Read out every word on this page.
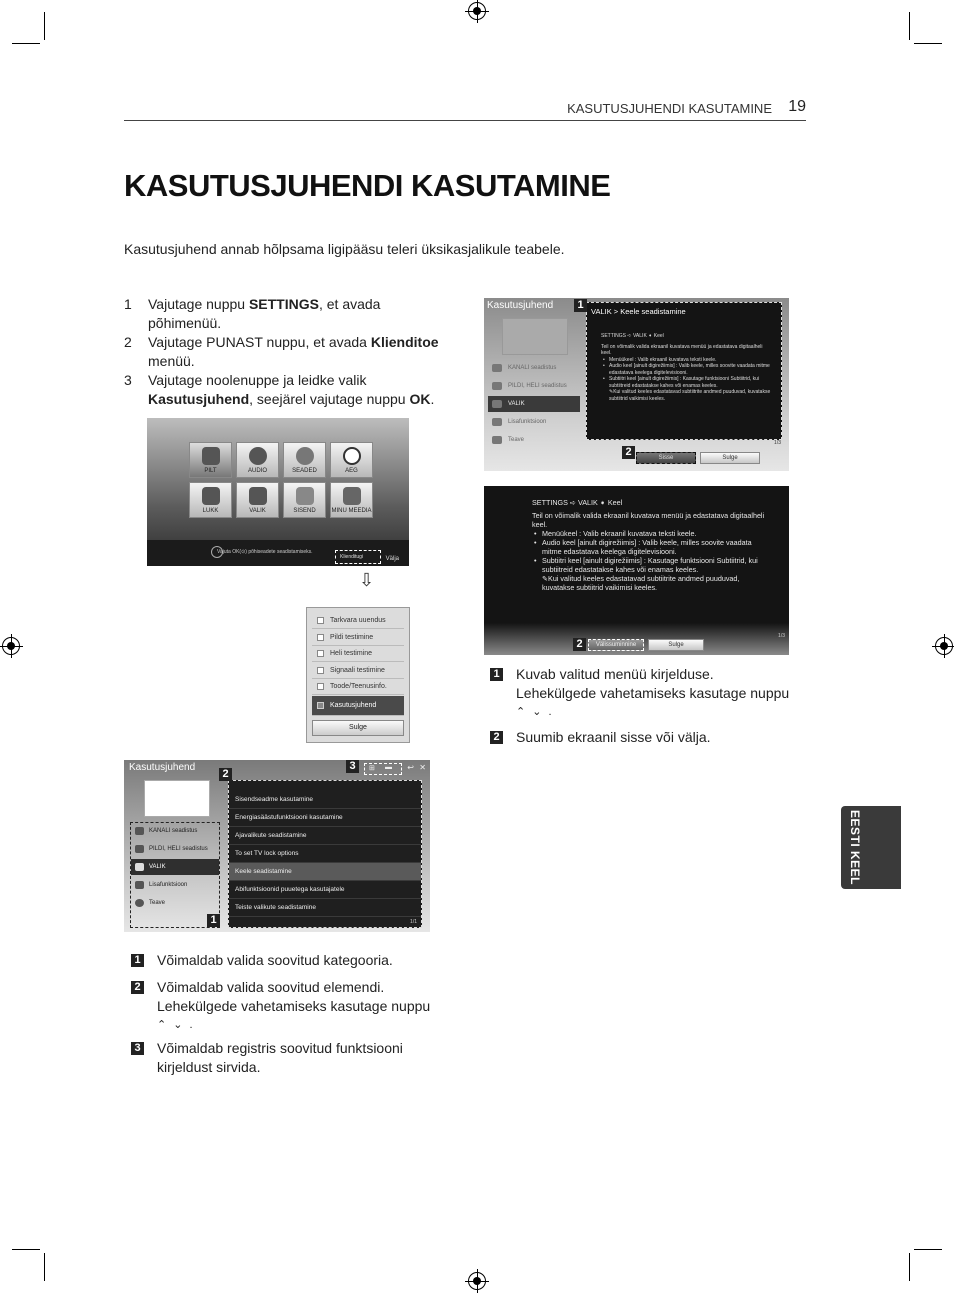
KASUTUSJUHENDI KASUTAMINE 19
KASUTUSJUHENDI KASUTAMINE

Kasutusjuhend annab hõlpsama ligipääsu teleri üksikasjalikule teabele.

1 Vajutage nuppu SETTINGS, et avada põhimenüü.
2 Vajutage PUNAST nuppu, et avada Klienditoe menüü.
3 Vajutage noolenuppe ja leidke valik Kasutusjuhend, seejärel vajutage nuppu OK.
PILT	AUDIO	SEADED	AEG
LUKK	VALIK	SISEND	MINU MEEDIA
Vajuta OK(⊙) põhiseadete seadistamiseks.
Klienditugi	Välja
⇩
Tarkvara uuendus
Pildi testimine
Heli testimine
Signaali testimine
Toode/Teenusinfo.
Kasutusjuhend
Sulge
Kasutusjuhend
KANALI seadistus
PILDI, HELI seadistus
VALIK
Lisafunktsioon
Teave
Sisendseadme kasutamine
Energiasäästufunktsiooni kasutamine
Ajavalikute seadistamine
To set TV lock options
Keele seadistamine
Abifunktsioonid puuetega kasutajatele
Teiste valikute seadistamine
1/1
⊞ ▬ ↩ ✕
2
3
1
1 Võimaldab valida soovitud kategooria.
2 Võimaldab valida soovitud elemendi.
Lehekülgede vahetamiseks kasutage nuppu
⌃ ⌄ .
3 Võimaldab registris soovitud funktsiooni
kirjeldust sirvida.
Kasutusjuhend
KANALI seadistus
PILDI, HELI seadistus
VALIK
Lisafunktsioon
Teave
VALIK > Keele seadistamine
SETTINGS ➪ VALIK ➧ Keel
Teil on võimalik valida ekraanil kuvatava menüü ja edastatava digitaalheli keel.
• Menüükeel : Valib ekraanil kuvatava teksti keele.
• Audio keel [ainult digirežiimis] : Valib keele, milles soovite vaadata mitme edastatava keelega digitelevisiooni.
• Subtiitri keel [ainult digirežiimis] : Kasutage funktsiooni Subtiitrid, kui subtiitreid edastatakse kahes või enamas keeles.
✎Kui valitud keeles edastatavad subtiitrite andmed puuduvad, kuvatakse subtiitrid vaikimisi keeles.
1/3
Sisse	Sulge
1
2
SETTINGS ➪ VALIK ➧ Keel
Teil on võimalik valida ekraanil kuvatava menüü ja edastatava digitaalheli keel.
• Menüükeel : Valib ekraanil kuvatava teksti keele.
• Audio keel [ainult digirežiimis] : Valib keele, milles soovite vaadata mitme edastatava keelega digitelevisiooni.
• Subtiitri keel [ainult digirežiimis] : Kasutage funktsiooni Subtiitrid, kui subtiitreid edastatakse kahes või enamas keeles.
✎Kui valitud keeles edastatavad subtiitrite andmed puuduvad, kuvatakse subtiitrid vaikimisi keeles.
1/3
Välissuminnine	Sulge
2
1 Kuvab valitud menüü kirjelduse.
Lehekülgede vahetamiseks kasutage nuppu
⌃ ⌄ .
2 Suumib ekraanil sisse või välja.
EESTI KEEL
